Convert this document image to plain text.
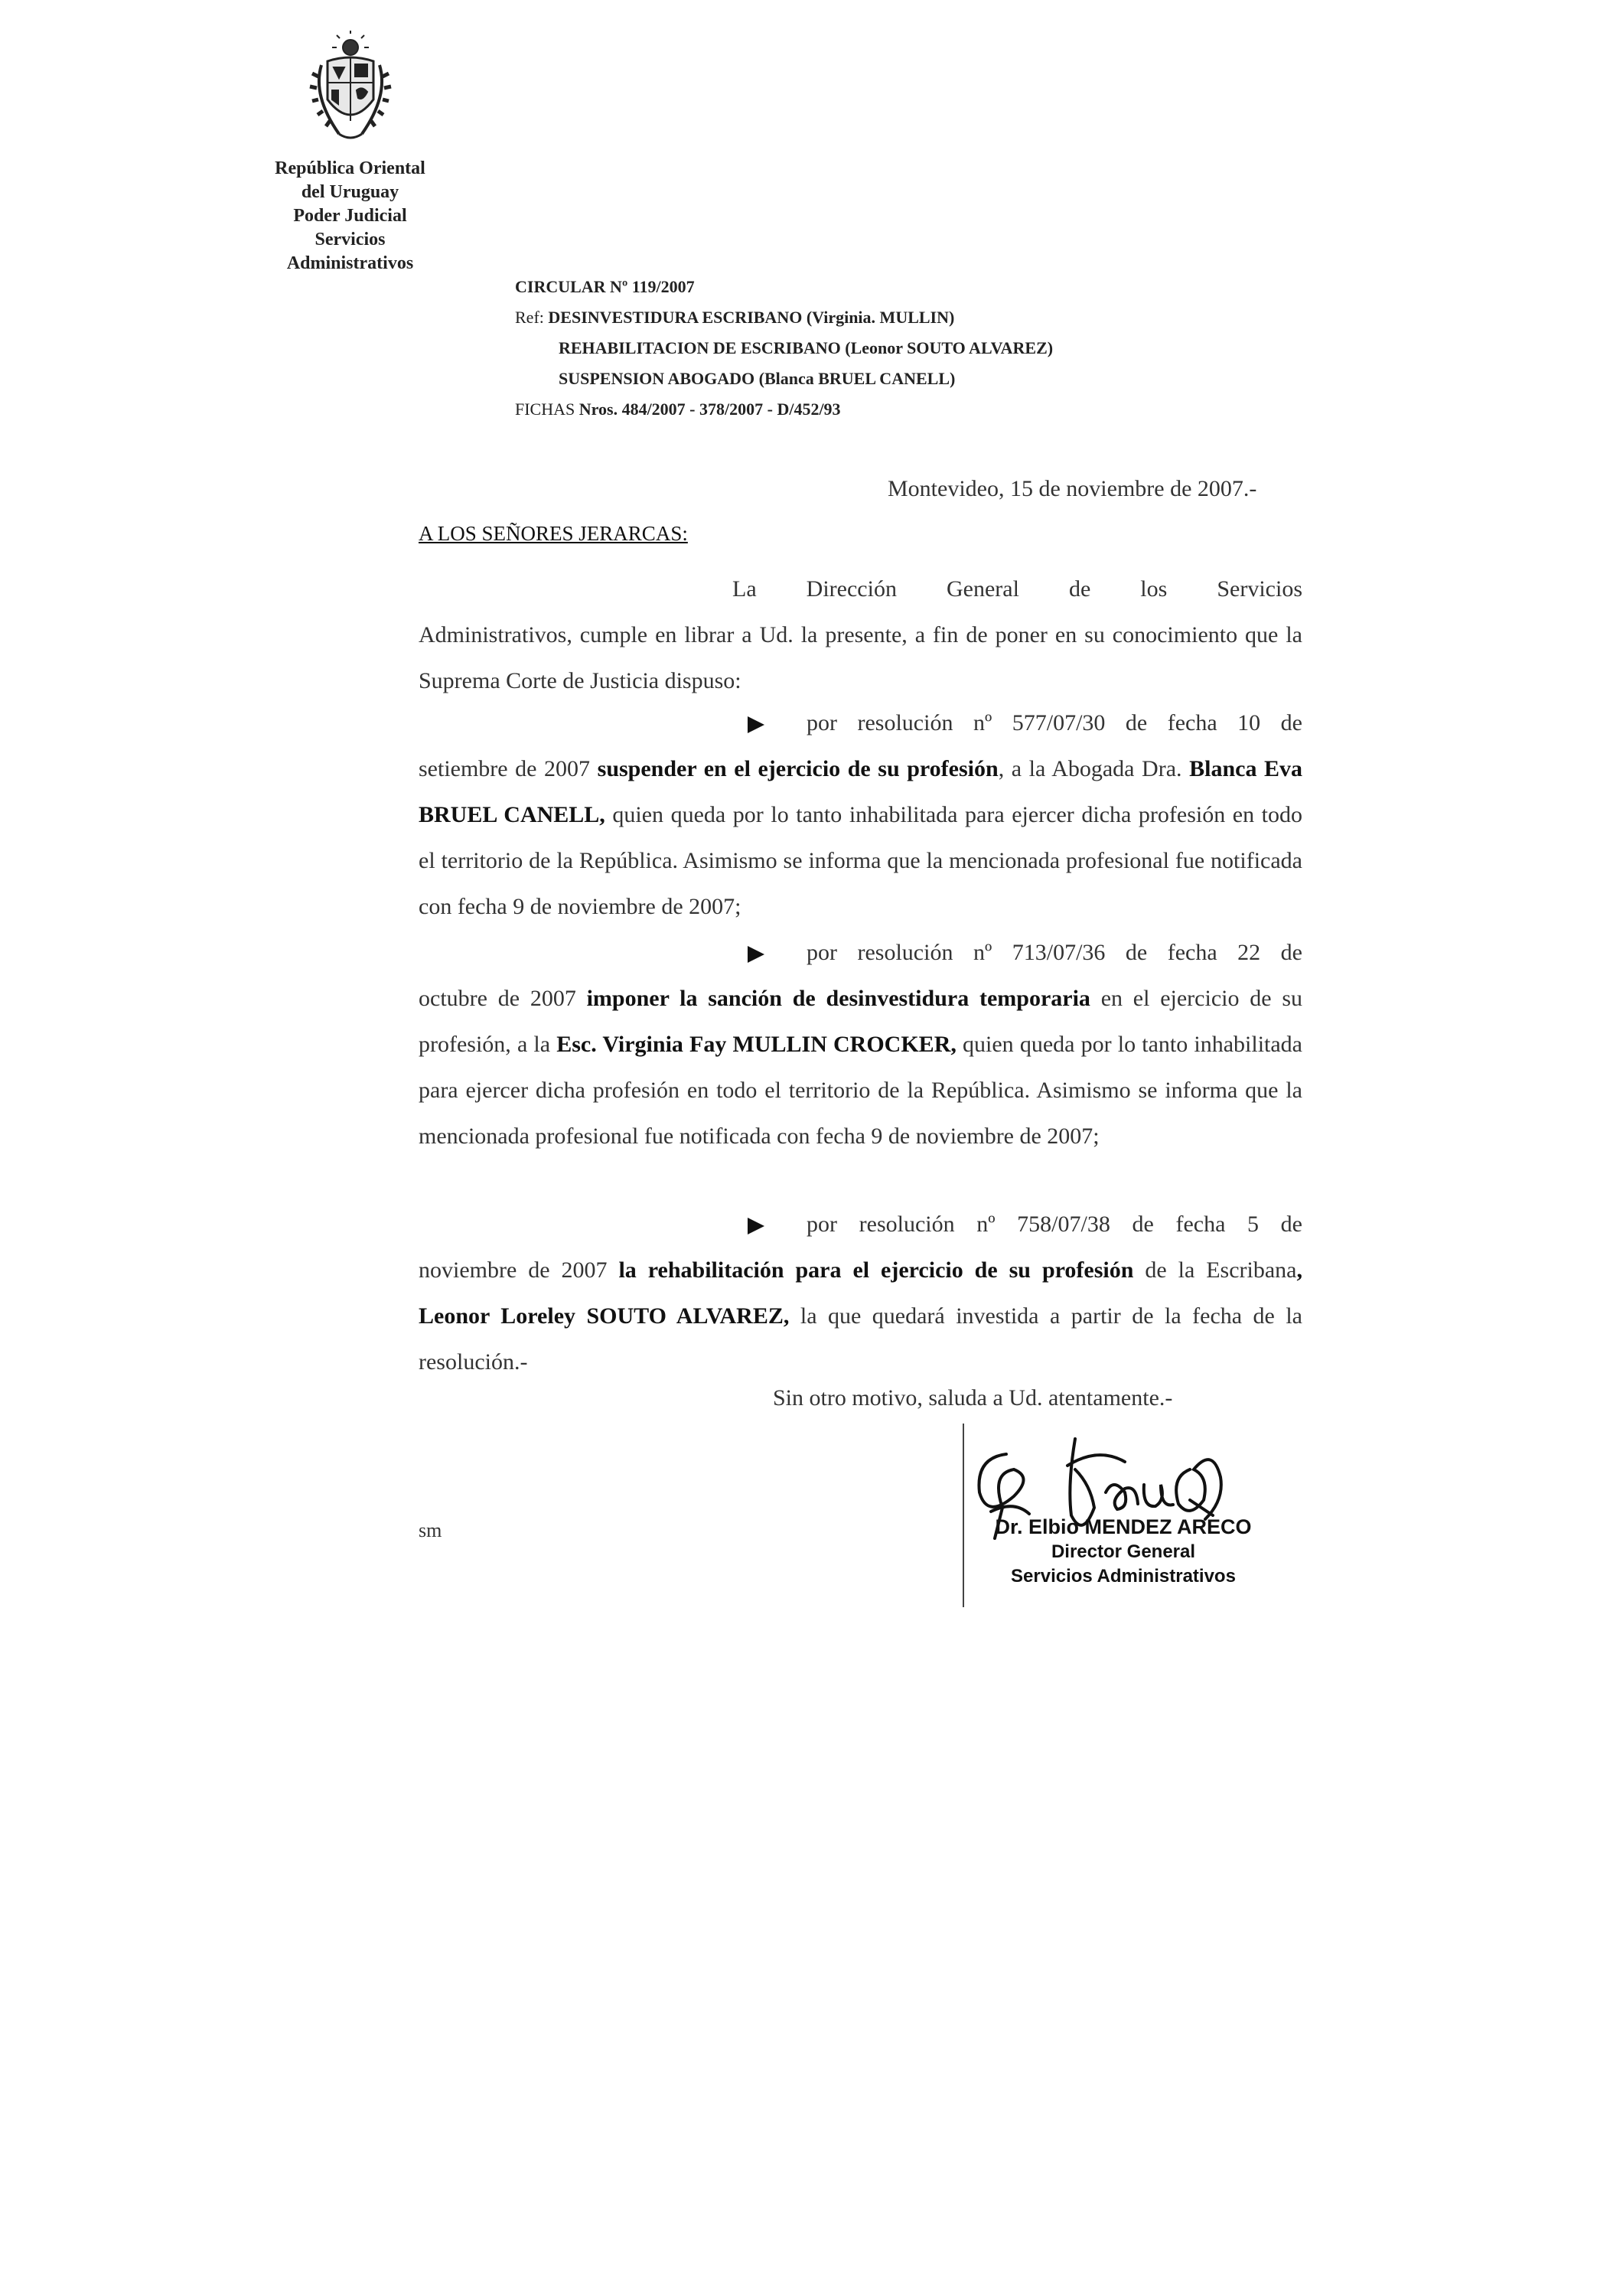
República Oriental
del Uruguay
Poder Judicial
Servicios
Administrativos
CIRCULAR Nº 119/2007
Ref: DESINVESTIDURA ESCRIBANO (Virginia. MULLIN)
REHABILITACION DE ESCRIBANO (Leonor SOUTO ALVAREZ)
SUSPENSION ABOGADO (Blanca BRUEL CANELL)
FICHAS Nros. 484/2007 - 378/2007 - D/452/93
Montevideo, 15 de noviembre de 2007.-
A LOS SEÑORES JERARCAS:
La Dirección General de los Servicios Administrativos, cumple en librar a Ud. la presente, a fin de poner en su conocimiento que la Suprema Corte de Justicia dispuso:
por resolución nº 577/07/30 de fecha 10 de setiembre de 2007 suspender en el ejercicio de su profesión, a la Abogada Dra. Blanca Eva BRUEL CANELL, quien queda por lo tanto inhabilitada para ejercer dicha profesión en todo el territorio de la República. Asimismo se informa que la mencionada profesional fue notificada con fecha 9 de noviembre de 2007;
por resolución nº 713/07/36 de fecha 22 de octubre de 2007 imponer la sanción de desinvestidura temporaria en el ejercicio de su profesión, a la Esc. Virginia Fay MULLIN CROCKER, quien queda por lo tanto inhabilitada para ejercer dicha profesión en todo el territorio de la República. Asimismo se informa que la mencionada profesional fue notificada con fecha 9 de noviembre de 2007;
por resolución nº 758/07/38 de fecha 5 de noviembre de 2007 la rehabilitación para el ejercicio de su profesión de la Escribana, Leonor Loreley SOUTO ALVAREZ, la que quedará investida a partir de la fecha de la resolución.-
Sin otro motivo, saluda a Ud. atentamente.-
sm	Dr. Elbio MENDEZ ARECO
Director General
Servicios Administrativos
